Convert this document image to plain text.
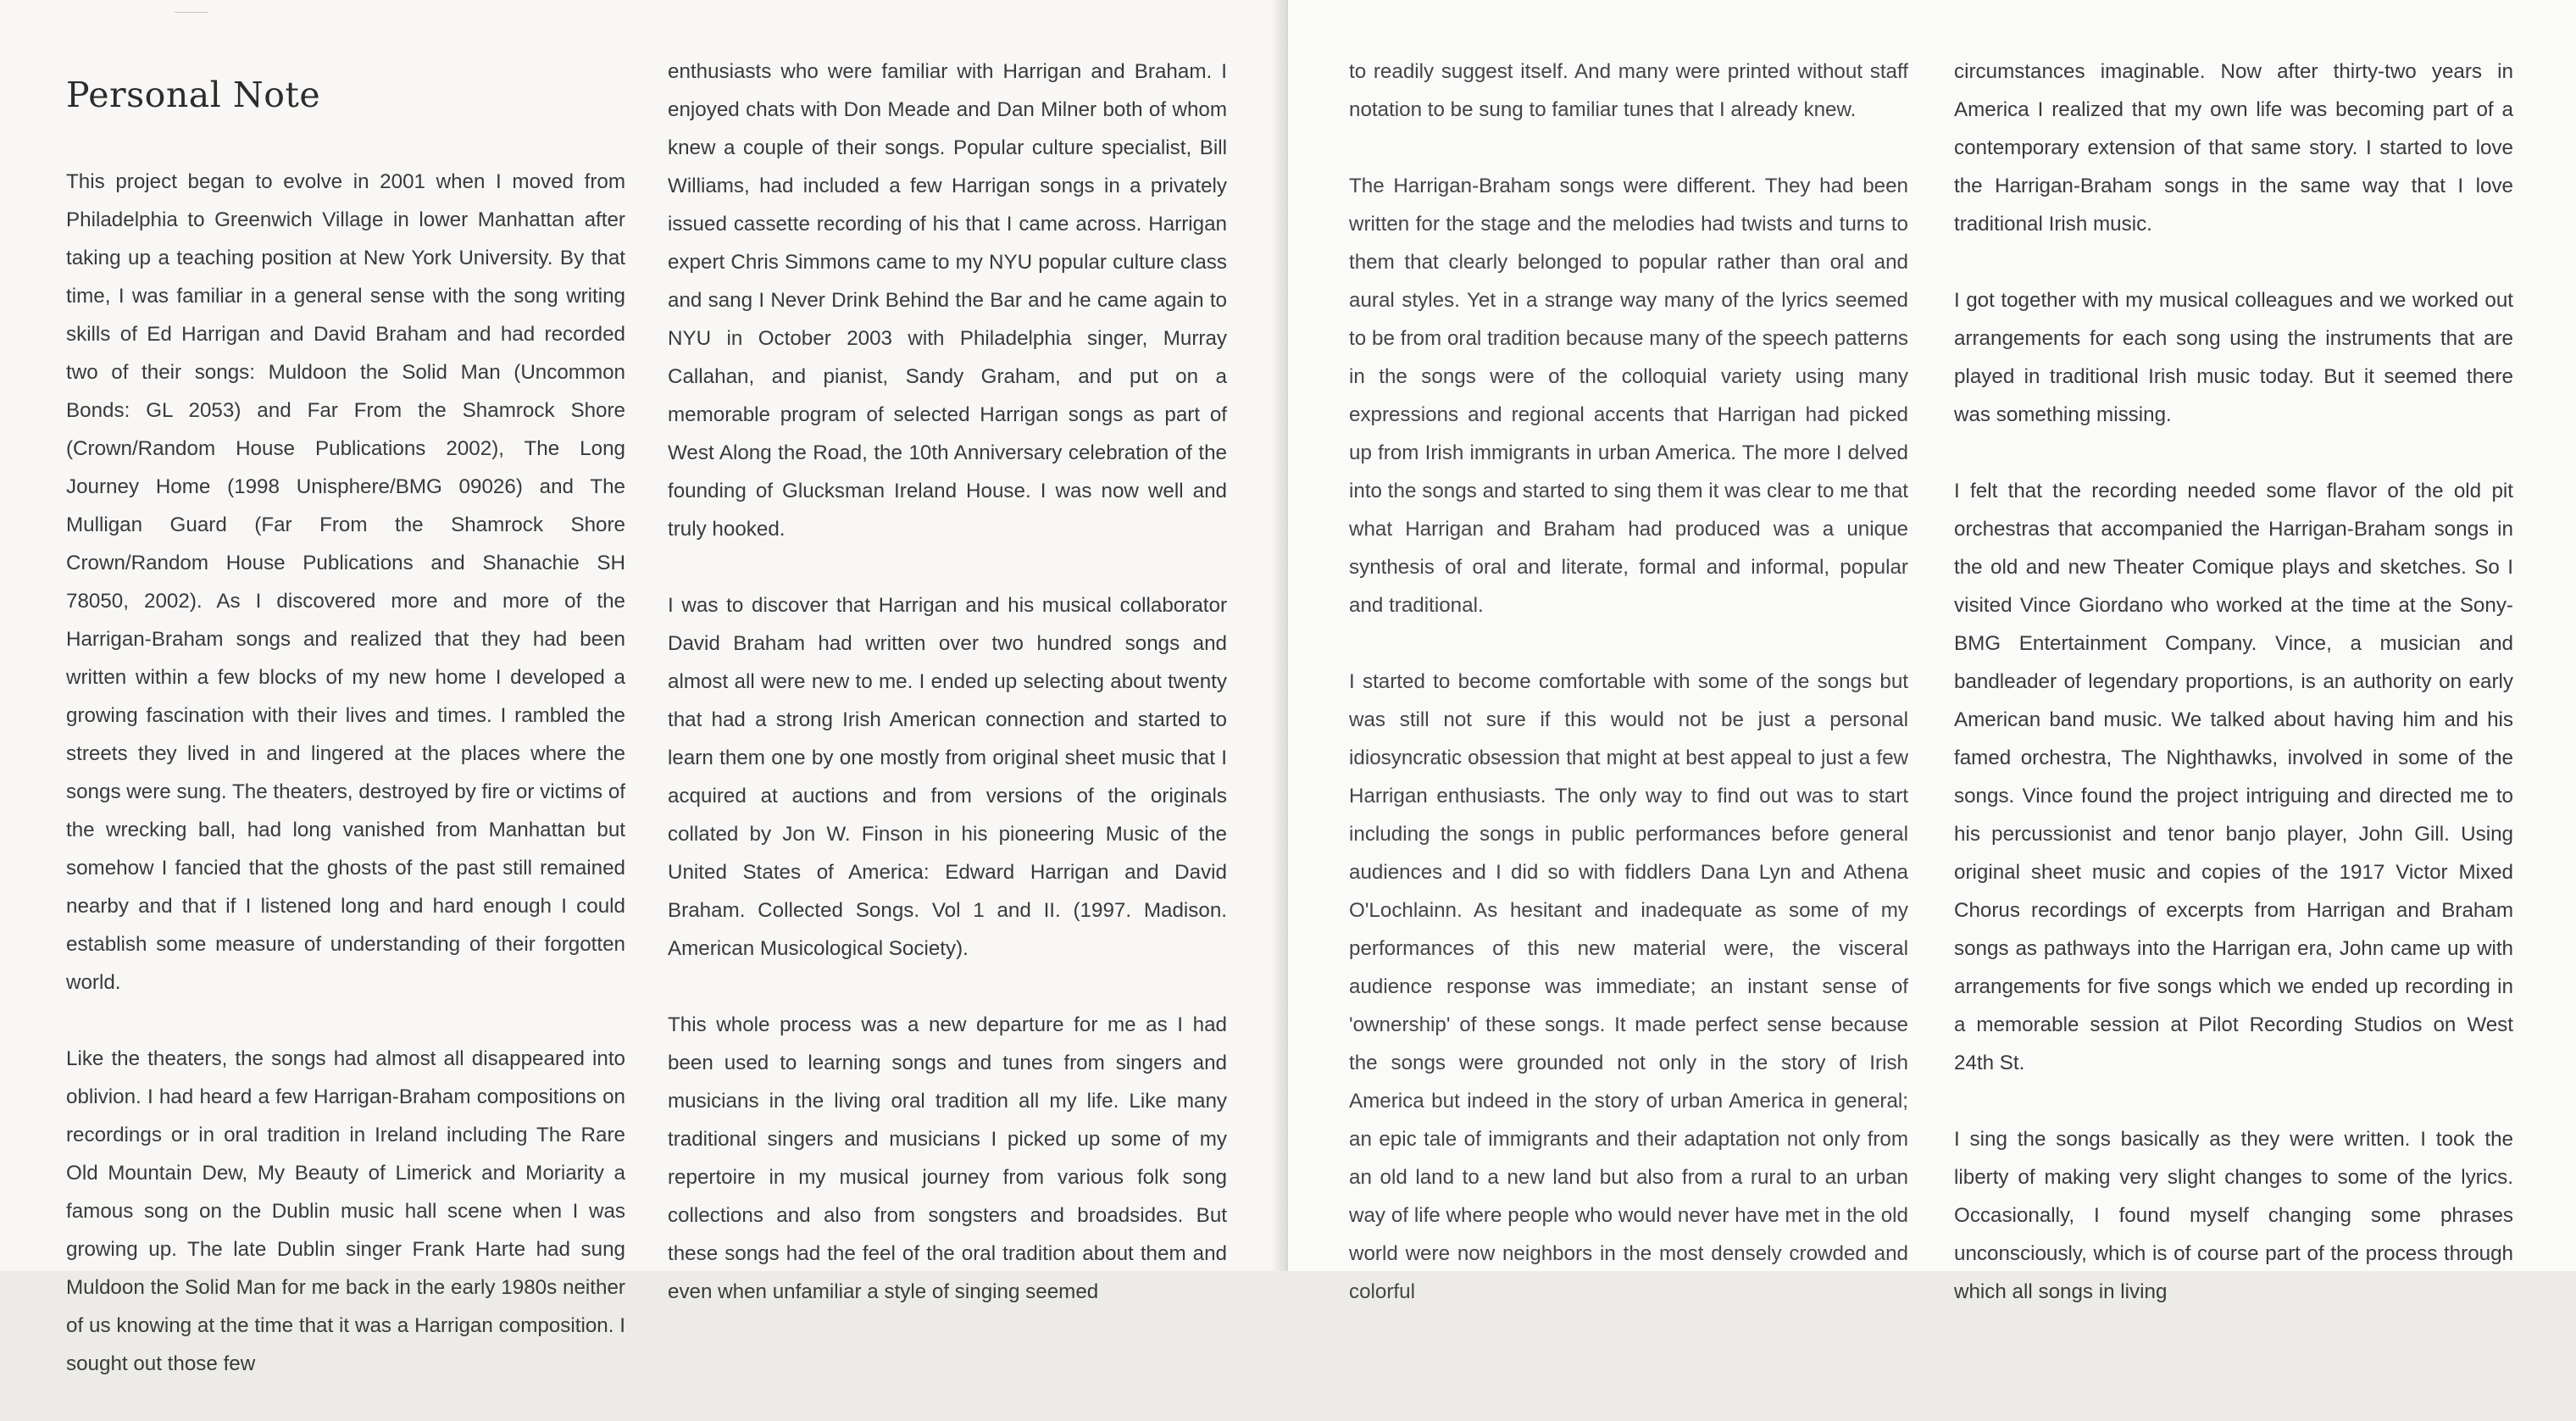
Personal Note

This project began to evolve in 2001 when I moved from Philadelphia to Greenwich Village in lower Manhattan after taking up a teaching position at New York University. By that time, I was familiar in a general sense with the song writing skills of Ed Harrigan and David Braham and had recorded two of their songs: Muldoon the Solid Man (Uncommon Bonds: GL 2053) and Far From the Shamrock Shore (Crown/Random House Publications 2002), The Long Journey Home (1998 Unisphere/BMG 09026) and The Mulligan Guard (Far From the Shamrock Shore Crown/Random House Publications and Shanachie SH 78050, 2002). As I discovered more and more of the Harrigan-Braham songs and realized that they had been written within a few blocks of my new home I developed a growing fascination with their lives and times. I rambled the streets they lived in and lingered at the places where the songs were sung. The theaters, destroyed by fire or victims of the wrecking ball, had long vanished from Manhattan but somehow I fancied that the ghosts of the past still remained nearby and that if I listened long and hard enough I could establish some measure of understanding of their forgotten world.

Like the theaters, the songs had almost all disappeared into oblivion. I had heard a few Harrigan-Braham compositions on recordings or in oral tradition in Ireland including The Rare Old Mountain Dew, My Beauty of Limerick and Moriarity a famous song on the Dublin music hall scene when I was growing up. The late Dublin singer Frank Harte had sung Muldoon the Solid Man for me back in the early 1980s neither of us knowing at the time that it was a Harrigan composition. I sought out those few

enthusiasts who were familiar with Harrigan and Braham. I enjoyed chats with Don Meade and Dan Milner both of whom knew a couple of their songs. Popular culture specialist, Bill Williams, had included a few Harrigan songs in a privately issued cassette recording of his that I came across. Harrigan expert Chris Simmons came to my NYU popular culture class and sang I Never Drink Behind the Bar and he came again to NYU in October 2003 with Philadelphia singer, Murray Callahan, and pianist, Sandy Graham, and put on a memorable program of selected Harrigan songs as part of West Along the Road, the 10th Anniversary celebration of the founding of Glucksman Ireland House. I was now well and truly hooked.

I was to discover that Harrigan and his musical collaborator David Braham had written over two hundred songs and almost all were new to me. I ended up selecting about twenty that had a strong Irish American connection and started to learn them one by one mostly from original sheet music that I acquired at auctions and from versions of the originals collated by Jon W. Finson in his pioneering Music of the United States of America: Edward Harrigan and David Braham. Collected Songs. Vol 1 and II. (1997. Madison. American Musicological Society).

This whole process was a new departure for me as I had been used to learning songs and tunes from singers and musicians in the living oral tradition all my life. Like many traditional singers and musicians I picked up some of my repertoire in my musical journey from various folk song collections and also from songsters and broadsides. But these songs had the feel of the oral tradition about them and even when unfamiliar a style of singing seemed

to readily suggest itself. And many were printed without staff notation to be sung to familiar tunes that I already knew.

The Harrigan-Braham songs were different. They had been written for the stage and the melodies had twists and turns to them that clearly belonged to popular rather than oral and aural styles. Yet in a strange way many of the lyrics seemed to be from oral tradition because many of the speech patterns in the songs were of the colloquial variety using many expressions and regional accents that Harrigan had picked up from Irish immigrants in urban America. The more I delved into the songs and started to sing them it was clear to me that what Harrigan and Braham had produced was a unique synthesis of oral and literate, formal and informal, popular and traditional.

I started to become comfortable with some of the songs but was still not sure if this would not be just a personal idiosyncratic obsession that might at best appeal to just a few Harrigan enthusiasts. The only way to find out was to start including the songs in public performances before general audiences and I did so with fiddlers Dana Lyn and Athena O'Lochlainn. As hesitant and inadequate as some of my performances of this new material were, the visceral audience response was immediate; an instant sense of 'ownership' of these songs. It made perfect sense because the songs were grounded not only in the story of Irish America but indeed in the story of urban America in general; an epic tale of immigrants and their adaptation not only from an old land to a new land but also from a rural to an urban way of life where people who would never have met in the old world were now neighbors in the most densely crowded and colorful

circumstances imaginable. Now after thirty-two years in America I realized that my own life was becoming part of a contemporary extension of that same story. I started to love the Harrigan-Braham songs in the same way that I love traditional Irish music.

I got together with my musical colleagues and we worked out arrangements for each song using the instruments that are played in traditional Irish music today. But it seemed there was something missing.

I felt that the recording needed some flavor of the old pit orchestras that accompanied the Harrigan-Braham songs in the old and new Theater Comique plays and sketches. So I visited Vince Giordano who worked at the time at the Sony-BMG Entertainment Company. Vince, a musician and bandleader of legendary proportions, is an authority on early American band music. We talked about having him and his famed orchestra, The Nighthawks, involved in some of the songs. Vince found the project intriguing and directed me to his percussionist and tenor banjo player, John Gill. Using original sheet music and copies of the 1917 Victor Mixed Chorus recordings of excerpts from Harrigan and Braham songs as pathways into the Harrigan era, John came up with arrangements for five songs which we ended up recording in a memorable session at Pilot Recording Studios on West 24th St.

I sing the songs basically as they were written. I took the liberty of making very slight changes to some of the lyrics. Occasionally, I found myself changing some phrases unconsciously, which is of course part of the process through which all songs in living
